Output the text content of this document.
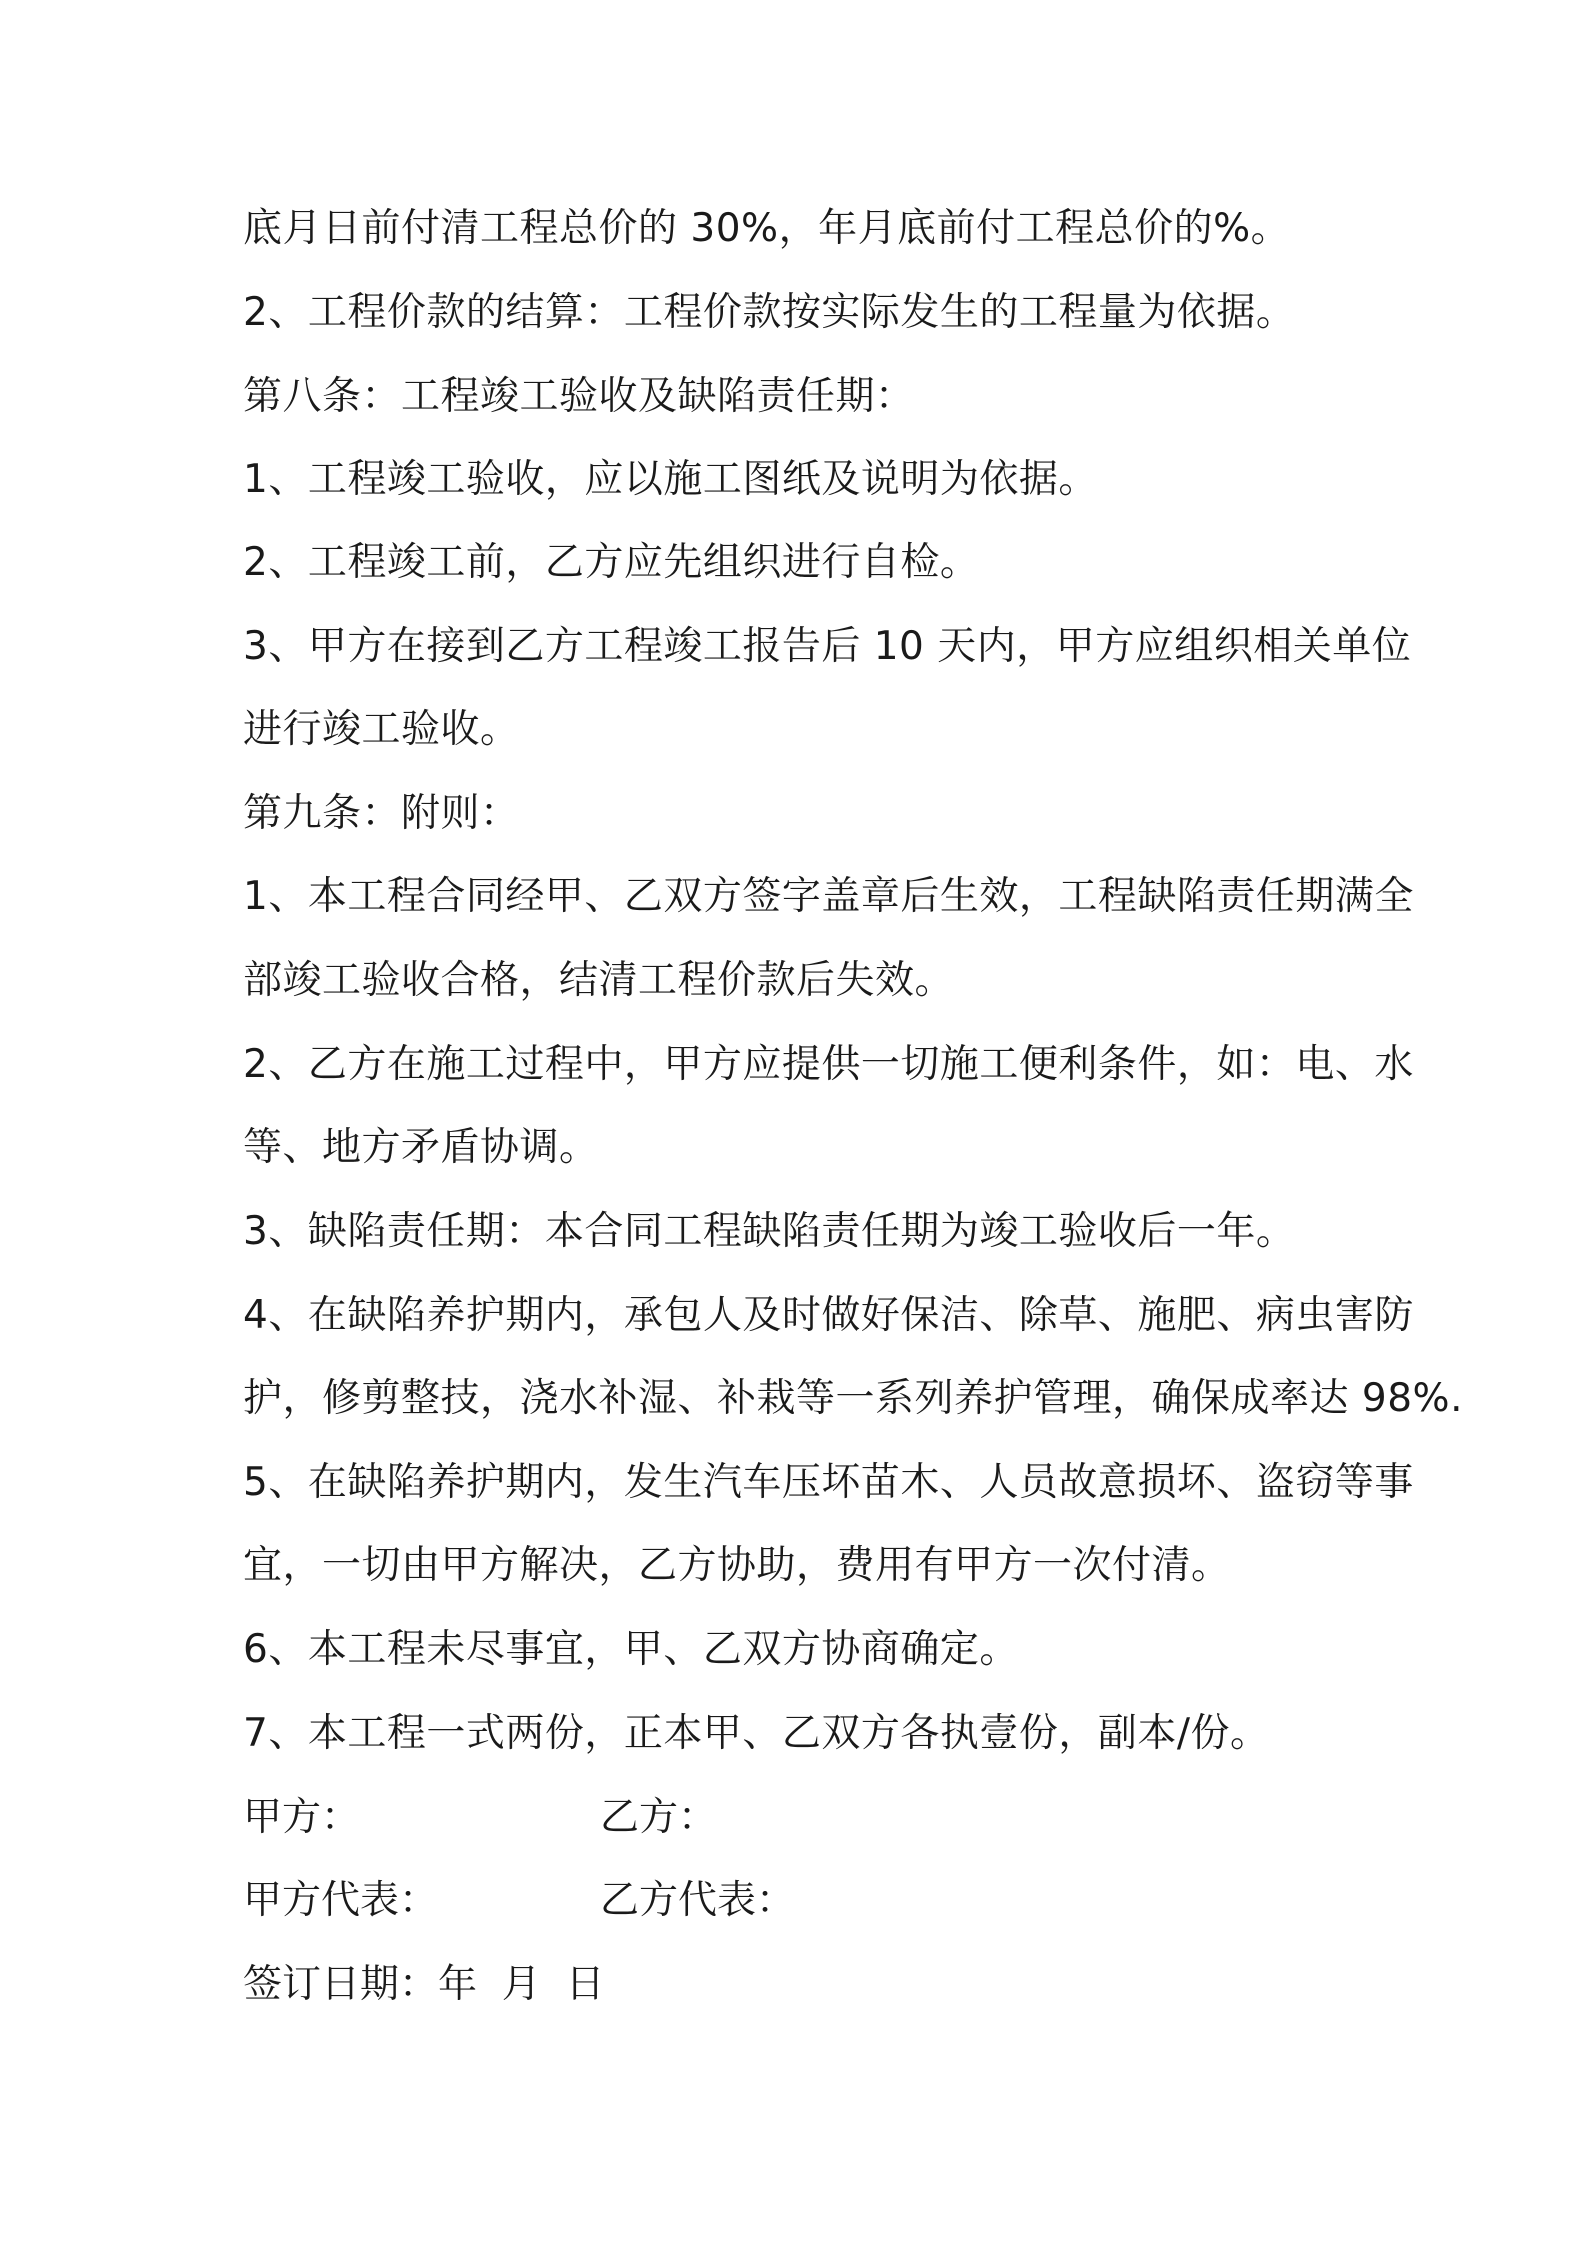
底月日前付清工程总价的 30%，年月底前付工程总价的%。
2、工程价款的结算：工程价款按实际发生的工程量为依据。
第八条：工程竣工验收及缺陷责任期：
1、工程竣工验收，应以施工图纸及说明为依据。
2、工程竣工前，乙方应先组织进行自检。
3、甲方在接到乙方工程竣工报告后 10 天内，甲方应组织相关单位
进行竣工验收。
第九条：附则：
1、本工程合同经甲、乙双方签字盖章后生效，工程缺陷责任期满全
部竣工验收合格，结清工程价款后失效。
2、乙方在施工过程中，甲方应提供一切施工便利条件，如：电、水
等、地方矛盾协调。
3、缺陷责任期：本合同工程缺陷责任期为竣工验收后一年。
4、在缺陷养护期内，承包人及时做好保洁、除草、施肥、病虫害防
护，修剪整技，浇水补湿、补栽等一系列养护管理，确保成率达 98%.
5、在缺陷养护期内，发生汽车压坏苗木、人员故意损坏、盗窃等事
宜，一切由甲方解决，乙方协助，费用有甲方一次付清。
6、本工程未尽事宜，甲、乙双方协商确定。
7、本工程一式两份，正本甲、乙双方各执壹份，副本/份。
甲方：	乙方：
甲方代表：	乙方代表：
签订日期：年  月  日
